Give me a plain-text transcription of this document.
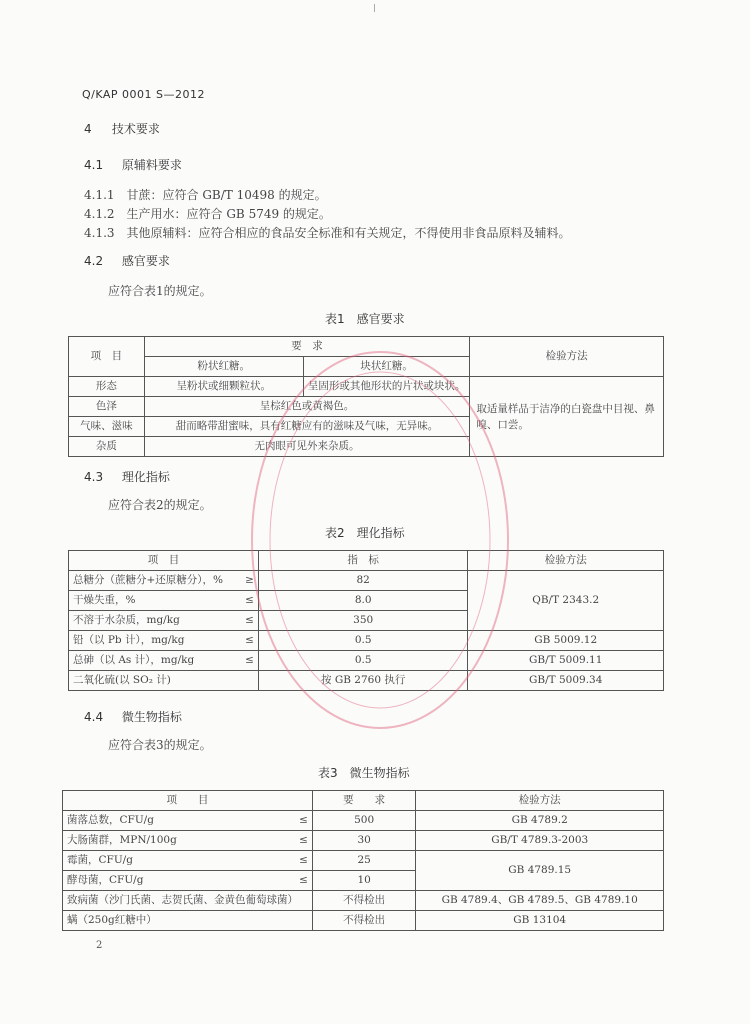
Q/KAP 0001 S—2012
4 技术要求
4.1 原辅料要求
4.1.1　甘蔗：应符合 GB/T 10498 的规定。
4.1.2　生产用水：应符合 GB 5749 的规定。
4.1.3　其他原辅料：应符合相应的食品安全标准和有关规定，不得使用非食品原料及辅料。
4.2 感官要求
应符合表1的规定。
表1　感官要求
项　目	要　求		检验方法
	粉状红糖。	块状红糖。	
形态	呈粉状或细颗粒状。	呈固形或其他形状的片状或块状。	取适量样品于洁净的白瓷盘中目视、鼻嗅、口尝。
色泽	呈棕红色或黄褐色。		
气味、滋味	甜而略带甜蜜味，具有红糖应有的滋味及气味，无异味。		
杂质	无肉眼可见外来杂质。		
4.3 理化指标
应符合表2的规定。
表2　理化指标
项　目		指　标	检验方法
总糖分（蔗糖分+还原糖分），%	≥	82	QB/T 2343.2
干燥失重，%	≤	8.0	
不溶于水杂质，mg/kg	≤	350	
铅（以 Pb 计），mg/kg	≤	0.5	GB 5009.12
总砷（以 As 计），mg/kg	≤	0.5	GB/T 5009.11
二氧化硫(以 SO₂ 计)		按 GB 2760 执行	GB/T 5009.34
4.4 微生物指标
应符合表3的规定。
表3　微生物指标
项　　目		要　　求	检验方法
菌落总数，CFU/g	≤	500	GB 4789.2
大肠菌群，MPN/100g	≤	30	GB/T 4789.3-2003
霉菌，CFU/g	≤	25	GB 4789.15
酵母菌，CFU/g	≤	10	
致病菌（沙门氏菌、志贺氏菌、金黄色葡萄球菌）		不得检出	GB 4789.4、GB 4789.5、GB 4789.10
螨（250g红糖中）		不得检出	GB 13104
2
